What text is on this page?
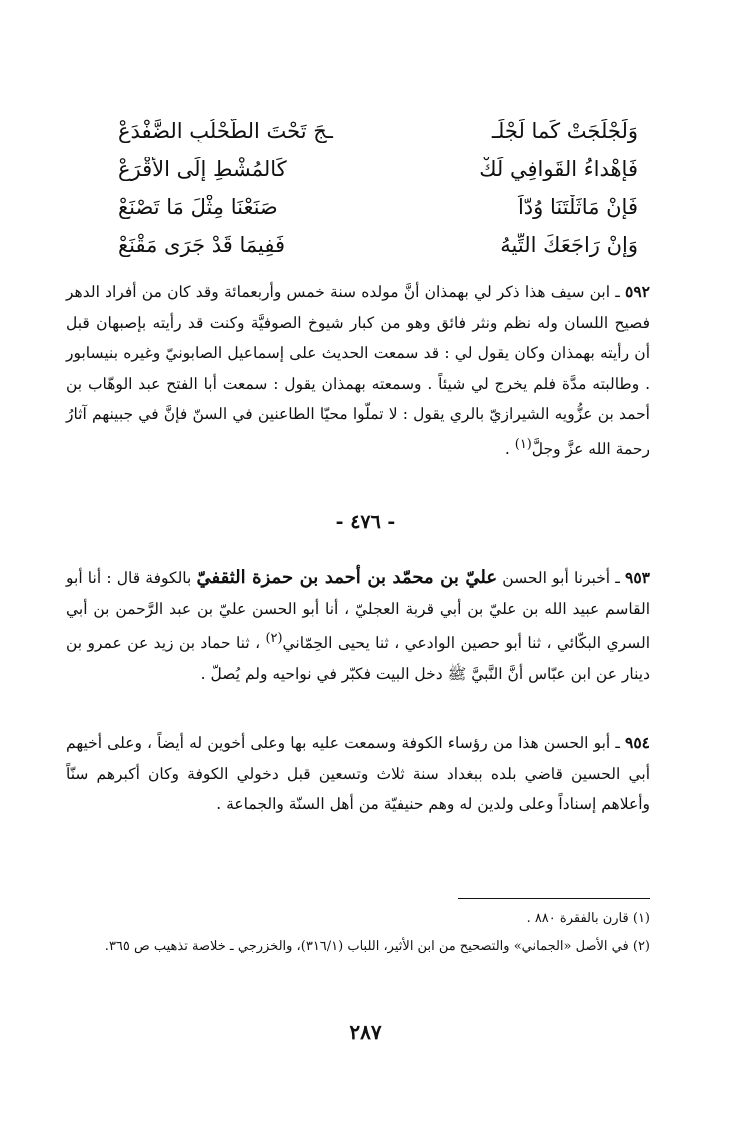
وَلَجْلَجَتْ كَما لَجْلَـ
ـجَ تَحْتَ الطُّحْلُبِ الضَّفْدَعْ
فَإهْداءُ القَوافِي لَكْ
كَالمُشْطِ إلَى الأقْرَعْ
فَإِنْ مَاثَلْتَنَا وُدّاً
صَنَعْنَا مِثْلَ مَا تَصْنَعْ
وَإِنْ رَاجَعَكَ التِّيهُ
فَفِيمَا قَدْ جَرَى مَقْنَعْ

٥٩٢ ـ ابن سيف هذا ذكر لي بهمذان أنَّ مولده سنة خمس وأربعمائة وقد كان من أفراد الدهر فصيح اللسان وله نظم ونثر فائق وهو من كبار شيوخ الصوفيَّة وكنت قد رأيته بإصبهان قبل أن رأيته بهمذان وكان يقول لي : قد سمعت الحديث على إسماعيل الصابونيّ وغيره بنيسابور . وطالبته مدَّة فلم يخرج لي شيئاً . وسمعته بهمذان يقول : سمعت أبا الفتح عبد الوهّاب بن أحمد بن عزُّويه الشيرازيّ بالري يقول : لا تملّوا محيّا الطاعنين في السنّ فإنَّ في جبينهم آثارُ رحمة الله عزَّ وجلَّ$^{(١)}$ .

- ٤٧٦ -

٩٥٣ ـ أخبرنا أبو الحسن عليّ بن محمّد بن أحمد بن حمزة الثقفيّ بالكوفة قال : أنا أبو القاسم عبيد الله بن عليّ بن أبي قربة العجليّ ، أنا أبو الحسن عليّ بن عبد الرَّحمن بن أبي السري البكّائي ، ثنا أبو حصين الوادعي ، ثنا يحيى الحِمّاني$^{(٢)}$ ، ثنا حماد بن زيد عن عمرو بن دينار عن ابن عبّاس أنَّ النَّبيَّ ﷺ دخل البيت فكبّر في نواحيه ولم يُصلّ .

٩٥٤ ـ أبو الحسن هذا من رؤساء الكوفة وسمعت عليه بها وعلى أخوين له أيضاً ، وعلى أخيهم أبي الحسين قاضي بلده ببغداد سنة ثلاث وتسعين قبل دخولي الكوفة وكان أكبرهم سنّاً وأعلاهم إسناداً وعلى ولدين له وهم حنيفيّة من أهل السنّة والجماعة .

(١) قارن بالفقرة ٨٨٠ .

(٢) في الأصل «الجماني» والتصحيح من ابن الأثير، اللباب (٣١٦/١)، والخزرجي ـ خلاصة تذهيب ص ٣٦٥.

٢٨٧
